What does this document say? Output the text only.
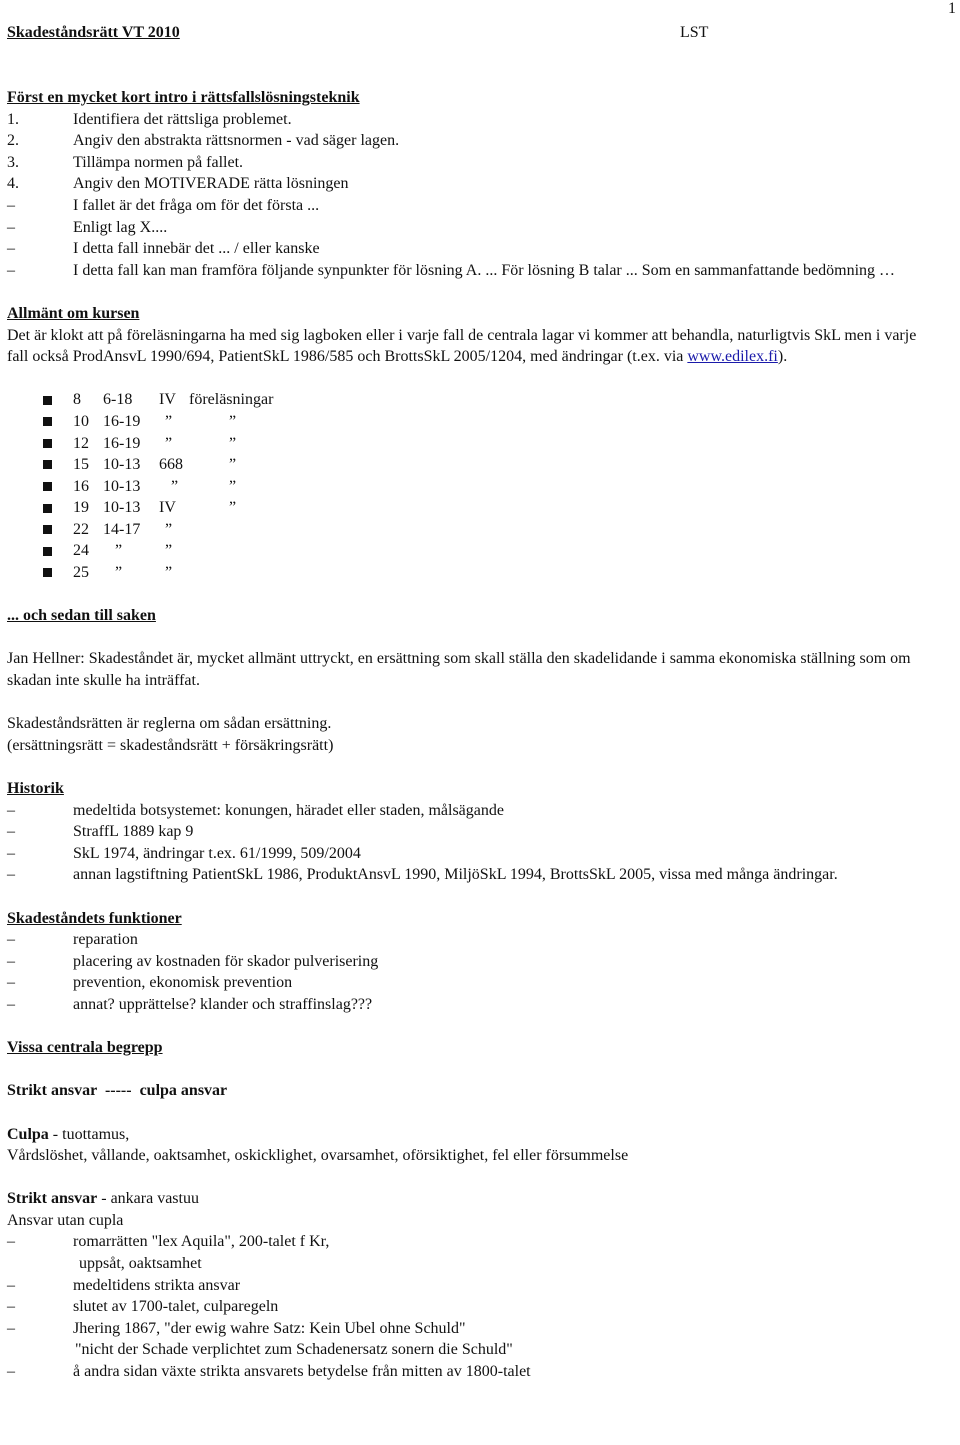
1
Skadeståndsrätt VT 2010	LST
Först en mycket kort intro i rättsfallslösningsteknik
1.	Identifiera det rättsliga problemet.
2.	Angiv den abstrakta rättsnormen - vad säger lagen.
3.	Tillämpa normen på fallet.
4.	Angiv den MOTIVERADE rätta lösningen
–	I fallet är det fråga om för det första ...
–	Enligt lag X....
–	I detta fall innebär det ... / eller kanske
–	I detta fall kan man framföra följande synpunkter för lösning A. ... För lösning B talar ... Som en sammanfattande bedömning …
Allmänt om kursen
Det är klokt att på föreläsningarna ha med sig lagboken eller i varje fall de centrala lagar vi kommer att behandla, naturligtvis SkL men i varje fall också ProdAnsvL 1990/694, PatientSkL 1986/585 och BrottsSkL 2005/1204, med ändringar (t.ex. via www.edilex.fi).
8	6-18	IV föreläsningar
10 16-19	”	”
12 16-19	”	”
15 10-13	668	”
16 10-13	”	”
19 10-13	IV	”
22 14-17	”
24	”	”
25	”	”
... och sedan till saken
Jan Hellner: Skadeståndet är, mycket allmänt uttryckt, en ersättning som skall ställa den skadelidande i samma ekonomiska ställning som om skadan inte skulle ha inträffat.
Skadeståndsrätten är reglerna om sådan ersättning.
(ersättningsrätt = skadeståndsrätt + försäkringsrätt)
Historik
–	medeltida botsystemet: konungen, häradet eller staden, målsägande
–	StraffL 1889 kap 9
–	SkL 1974, ändringar t.ex. 61/1999, 509/2004
–	annan lagstiftning PatientSkL 1986, ProduktAnsvL 1990, MiljöSkL 1994, BrottsSkL 2005, vissa med många ändringar.
Skadeståndets funktioner
–	reparation
–	placering av kostnaden för skador pulverisering
–	prevention, ekonomisk prevention
–	annat? upprättelse? klander och straffinslag???
Vissa centrala begrepp
Strikt ansvar  -----  culpa ansvar
Culpa - tuottamus,
Vårdslöshet, vållande, oaktsamhet, oskicklighet, ovarsamhet, oförsiktighet, fel eller försummelse
Strikt ansvar - ankara vastuu
Ansvar utan cupla
–	romarrätten "lex Aquila", 200-talet f Kr,
uppsåt, oaktsamhet
–	medeltidens strikta ansvar
–	slutet av 1700-talet, culparegeln
–	Jhering 1867, "der ewig wahre Satz: Kein Ubel ohne Schuld"
"nicht der Schade verplichtet zum Schadenersatz sonern die Schuld"
–	å andra sidan växte strikta ansvarets betydelse från mitten av 1800-talet
